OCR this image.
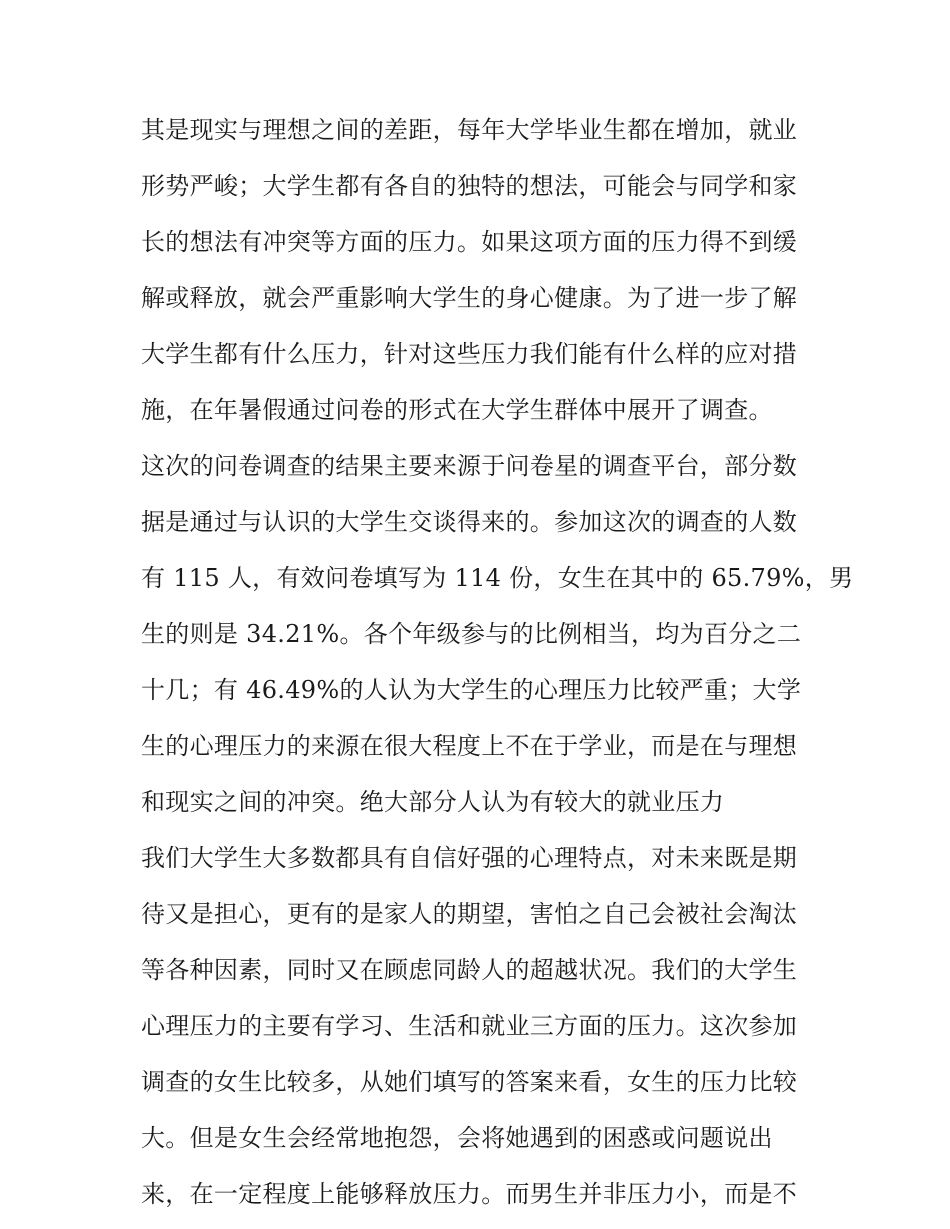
其是现实与理想之间的差距，每年大学毕业生都在增加，就业
形势严峻；大学生都有各自的独特的想法，可能会与同学和家
长的想法有冲突等方面的压力。如果这项方面的压力得不到缓
解或释放，就会严重影响大学生的身心健康。为了进一步了解
大学生都有什么压力，针对这些压力我们能有什么样的应对措
施，在年暑假通过问卷的形式在大学生群体中展开了调查。
这次的问卷调查的结果主要来源于问卷星的调查平台，部分数
据是通过与认识的大学生交谈得来的。参加这次的调查的人数
有 115 人，有效问卷填写为 114 份，女生在其中的 65.79%，男
生的则是 34.21%。各个年级参与的比例相当，均为百分之二
十几；有 46.49%的人认为大学生的心理压力比较严重；大学
生的心理压力的来源在很大程度上不在于学业，而是在与理想
和现实之间的冲突。绝大部分人认为有较大的就业压力
我们大学生大多数都具有自信好强的心理特点，对未来既是期
待又是担心，更有的是家人的期望，害怕之自己会被社会淘汰
等各种因素，同时又在顾虑同龄人的超越状况。我们的大学生
心理压力的主要有学习、生活和就业三方面的压力。这次参加
调查的女生比较多，从她们填写的答案来看，女生的压力比较
大。但是女生会经常地抱怨，会将她遇到的困惑或问题说出
来，在一定程度上能够释放压力。而男生并非压力小，而是不
